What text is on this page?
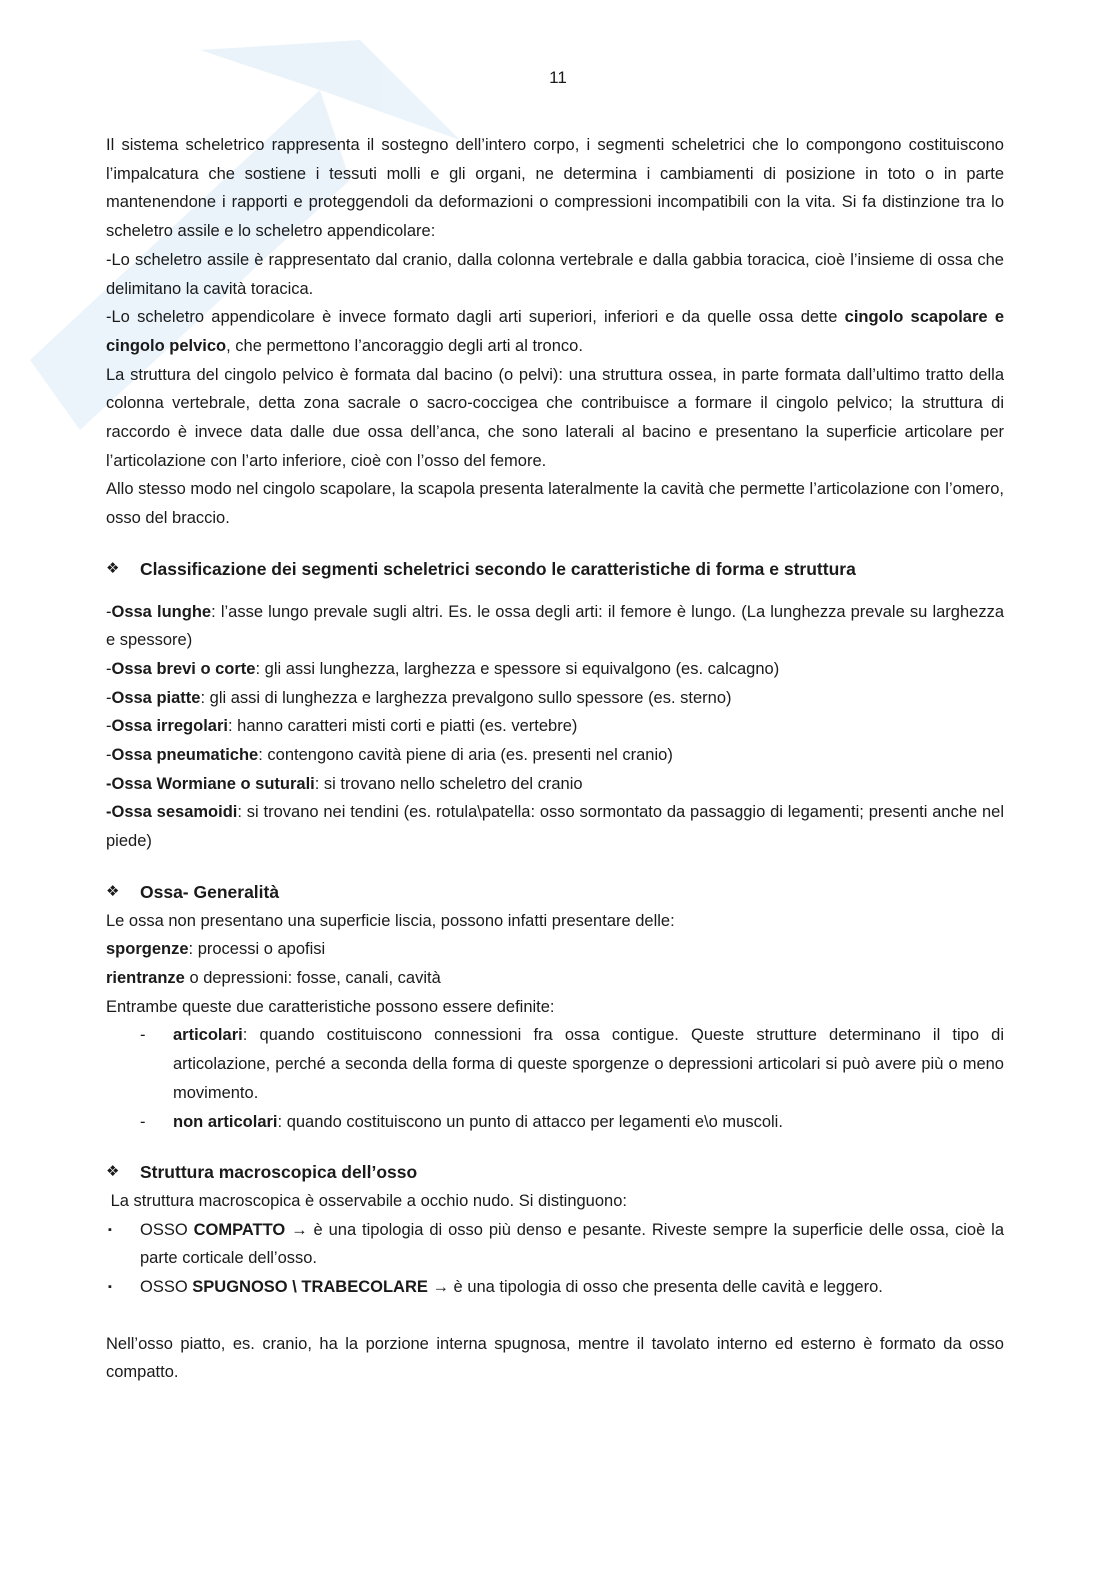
11

Il sistema scheletrico rappresenta il sostegno dell’intero corpo, i segmenti scheletrici che lo compongono costituiscono l’impalcatura che sostiene i tessuti molli e gli organi, ne determina i cambiamenti di posizione in toto o in parte mantenendone i rapporti e proteggendoli da deformazioni o compressioni incompatibili con la vita. Si fa distinzione tra lo scheletro assile e lo scheletro appendicolare:

-Lo scheletro assile è rappresentato dal cranio, dalla colonna vertebrale e dalla gabbia toracica, cioè l’insieme di ossa che delimitano la cavità toracica.

-Lo scheletro appendicolare è invece formato dagli arti superiori, inferiori e da quelle ossa dette cingolo scapolare e cingolo pelvico, che permettono l’ancoraggio degli arti al tronco.

La struttura del cingolo pelvico è formata dal bacino (o pelvi): una struttura ossea, in parte formata dall’ultimo tratto della colonna vertebrale, detta zona sacrale o sacro-coccigea che contribuisce a formare il cingolo pelvico; la struttura di raccordo è invece data dalle due ossa dell’anca, che sono laterali al bacino e presentano la superficie articolare per l’articolazione con l’arto inferiore, cioè con l’osso del femore.

Allo stesso modo nel cingolo scapolare, la scapola presenta lateralmente la cavità che permette l’articolazione con l’omero, osso del braccio.

❖	Classificazione dei segmenti scheletrici secondo le caratteristiche di forma e struttura

-Ossa lunghe: l’asse lungo prevale sugli altri. Es. le ossa degli arti: il femore è lungo. (La lunghezza prevale su larghezza e spessore)

-Ossa brevi o corte: gli assi lunghezza, larghezza e spessore si equivalgono (es. calcagno)

-Ossa piatte: gli assi di lunghezza e larghezza prevalgono sullo spessore (es. sterno)

-Ossa irregolari: hanno caratteri misti corti e piatti (es. vertebre)

-Ossa pneumatiche: contengono cavità piene di aria (es. presenti nel cranio)

-Ossa Wormiane o suturali: si trovano nello scheletro del cranio

-Ossa sesamoidi: si trovano nei tendini (es. rotula\patella: osso sormontato da passaggio di legamenti; presenti anche nel piede)

❖	Ossa- Generalità

Le ossa non presentano una superficie liscia, possono infatti presentare delle:

sporgenze: processi o apofisi

rientranze o depressioni: fosse, canali, cavità

Entrambe queste due caratteristiche possono essere definite:

- articolari: quando costituiscono connessioni fra ossa contigue. Queste strutture determinano il tipo di articolazione, perché a seconda della forma di queste sporgenze o depressioni articolari si può avere più o meno movimento.
- non articolari: quando costituiscono un punto di attacco per legamenti e\o muscoli.
❖	Struttura macroscopica dell’osso

La struttura macroscopica è osservabile a occhio nudo. Si distinguono:

▪ OSSO COMPATTO → è una tipologia di osso più denso e pesante. Riveste sempre la superficie delle ossa, cioè la parte corticale dell’osso.
▪ OSSO SPUGNOSO \ TRABECOLARE → è una tipologia di osso che presenta delle cavità e leggero.

Nell’osso piatto, es. cranio, ha la porzione interna spugnosa, mentre il tavolato interno ed esterno è formato da osso compatto.
